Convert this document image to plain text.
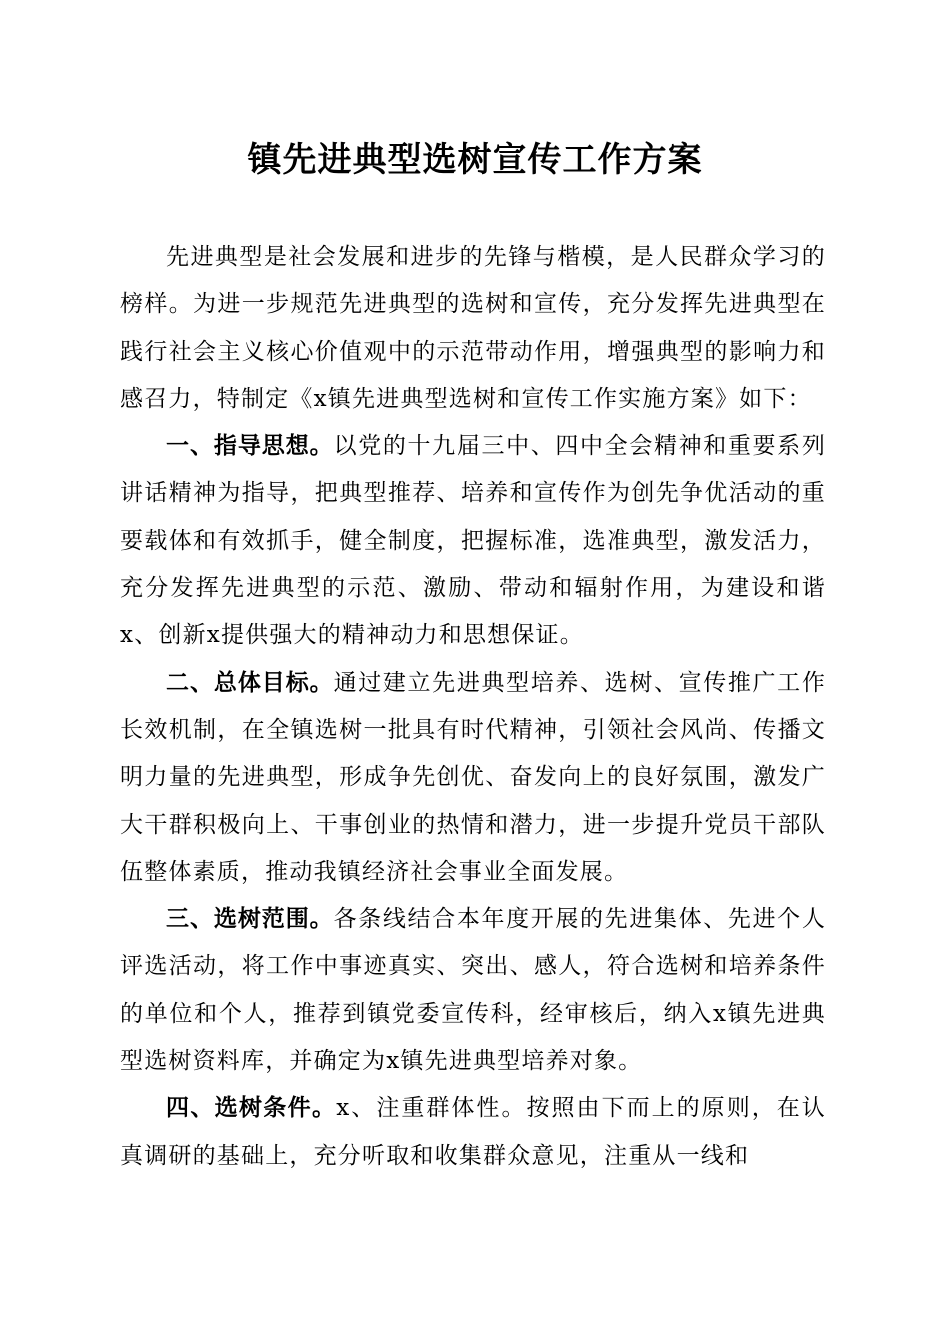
镇先进典型选树宣传工作方案

先进典型是社会发展和进步的先锋与楷模，是人民群众学习的榜样。为进一步规范先进典型的选树和宣传，充分发挥先进典型在践行社会主义核心价值观中的示范带动作用，增强典型的影响力和感召力，特制定《x镇先进典型选树和宣传工作实施方案》如下：

一、指导思想。以党的十九届三中、四中全会精神和重要系列讲话精神为指导，把典型推荐、培养和宣传作为创先争优活动的重要载体和有效抓手，健全制度，把握标准，选准典型，激发活力，充分发挥先进典型的示范、激励、带动和辐射作用，为建设和谐x、创新x提供强大的精神动力和思想保证。

二、总体目标。通过建立先进典型培养、选树、宣传推广工作长效机制，在全镇选树一批具有时代精神，引领社会风尚、传播文明力量的先进典型，形成争先创优、奋发向上的良好氛围，激发广大干群积极向上、干事创业的热情和潜力，进一步提升党员干部队伍整体素质，推动我镇经济社会事业全面发展。

三、选树范围。各条线结合本年度开展的先进集体、先进个人评选活动，将工作中事迹真实、突出、感人，符合选树和培养条件的单位和个人，推荐到镇党委宣传科，经审核后，纳入x镇先进典型选树资料库，并确定为x镇先进典型培养对象。

四、选树条件。x、注重群体性。按照由下而上的原则，在认真调研的基础上，充分听取和收集群众意见，注重从一线和
